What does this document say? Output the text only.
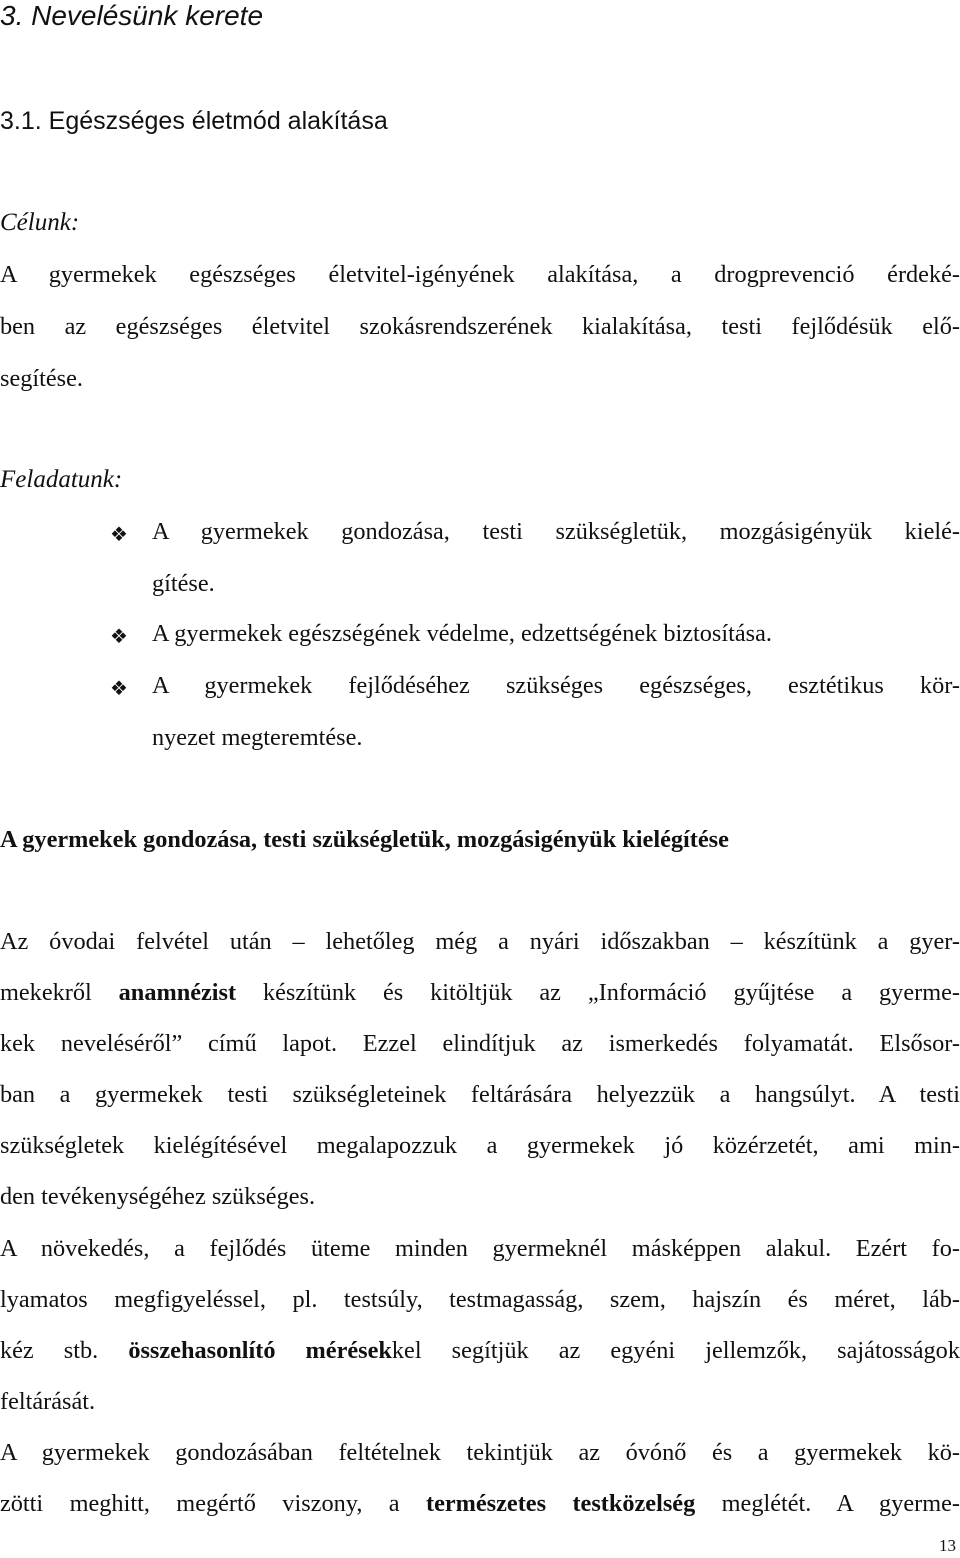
3. Nevelésünk kerete
3.1. Egészséges életmód alakítása
Célunk:
A gyermekek egészséges életvitel-igényének alakítása, a drogprevenció érdeké-
ben az egészséges életvitel szokásrendszerének kialakítása, testi fejlődésük elő-
segítése.
Feladatunk:
❖ A gyermekek gondozása, testi szükségletük, mozgásigényük kielé-
gítése.
❖ A gyermekek egészségének védelme, edzettségének biztosítása.
❖ A gyermekek fejlődéséhez szükséges egészséges, esztétikus kör-
nyezet megteremtése.
A gyermekek gondozása, testi szükségletük, mozgásigényük kielégítése
Az óvodai felvétel után – lehetőleg még a nyári időszakban – készítünk a gyer-
mekekről anamnézist készítünk és kitöltjük az „Információ gyűjtése a gyerme-
kek neveléséről” című lapot. Ezzel elindítjuk az ismerkedés folyamatát. Elsősor-
ban a gyermekek testi szükségleteinek feltárására helyezzük a hangsúlyt. A testi
szükségletek kielégítésével megalapozzuk a gyermekek jó közérzetét, ami min-
den tevékenységéhez szükséges.
A növekedés, a fejlődés üteme minden gyermeknél másképpen alakul. Ezért fo-
lyamatos megfigyeléssel, pl. testsúly, testmagasság, szem, hajszín és méret, láb-
kéz stb. összehasonlító mérésekkel segítjük az egyéni jellemzők, sajátosságok
feltárását.
A gyermekek gondozásában feltételnek tekintjük az óvónő és a gyermekek kö-
zötti meghitt, megértő viszony, a természetes testközelség meglétét. A gyerme-
13
